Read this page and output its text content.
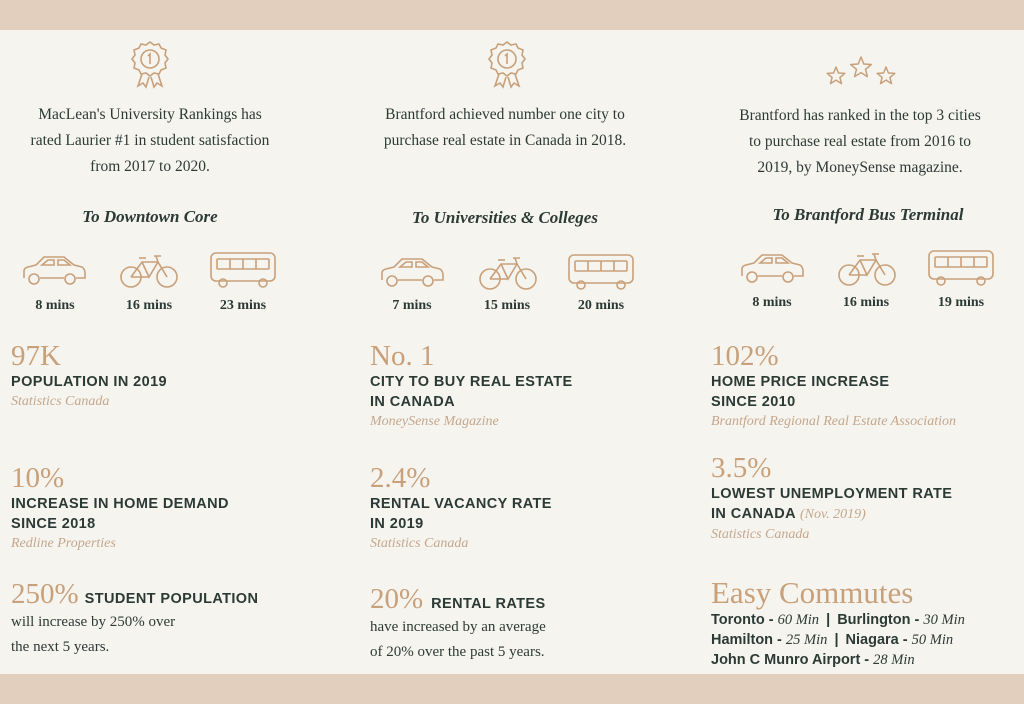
MacLean's University Rankings has
rated Laurier #1 in student satisfaction
from 2017 to 2020.
To Downtown Core
8 mins	16 mins	23 mins
97K
POPULATION IN 2019
Statistics Canada
10%
INCREASE IN HOME DEMAND
SINCE 2018
Redline Properties
250% STUDENT POPULATION
will increase by 250% over
the next 5 years.
Brantford achieved number one city to
purchase real estate in Canada in 2018.
To Universities & Colleges
7 mins	15 mins	20 mins
No. 1
CITY TO BUY REAL ESTATE
IN CANADA
MoneySense Magazine
2.4%
RENTAL VACANCY RATE
IN 2019
Statistics Canada
20% RENTAL RATES
have increased by an average
of 20% over the past 5 years.
Brantford has ranked in the top 3 cities
to purchase real estate from 2016 to
2019, by MoneySense magazine.
To Brantford Bus Terminal
8 mins	16 mins	19 mins
102%
HOME PRICE INCREASE
SINCE 2010
Brantford Regional Real Estate Association
3.5%
LOWEST UNEMPLOYMENT RATE
IN CANADA (Nov. 2019)
Statistics Canada
Easy Commutes
Toronto - 60 Min | Burlington - 30 Min
Hamilton - 25 Min | Niagara - 50 Min
John C Munro Airport - 28 Min
